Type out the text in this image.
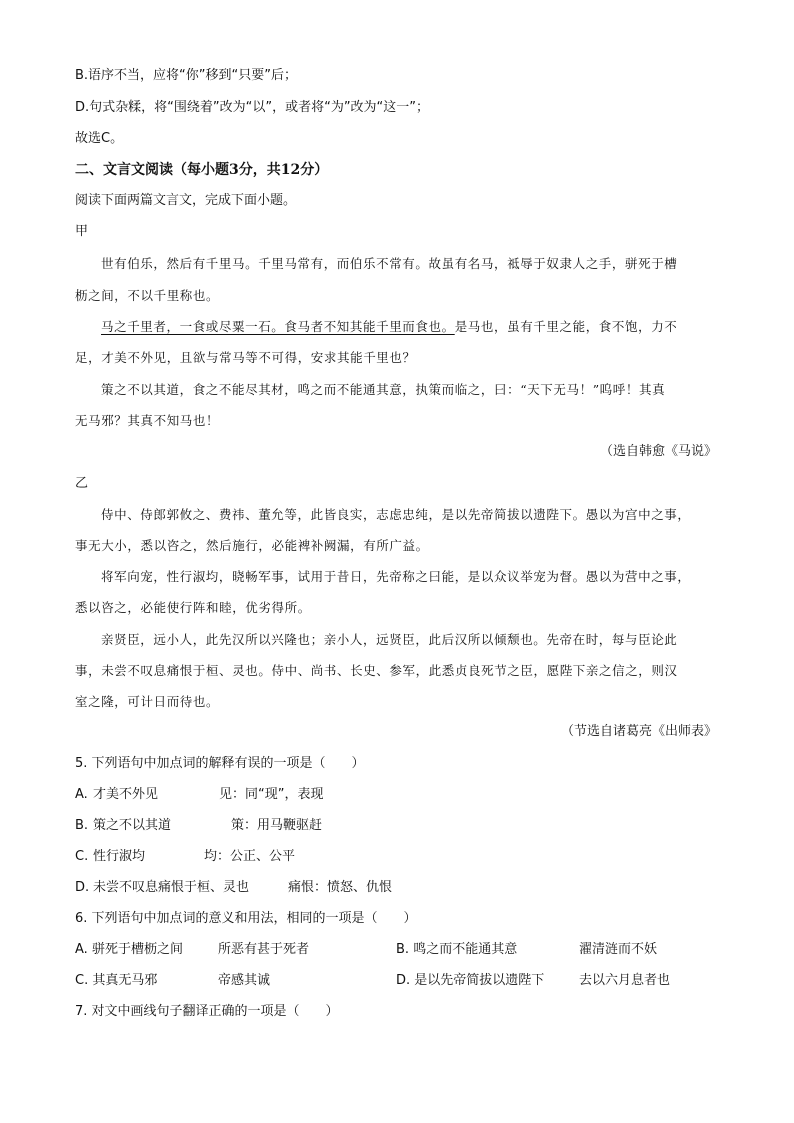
B.语序不当，应将“你”移到“只要”后；
D.句式杂糅，将“围绕着”改为“以”，或者将“为”改为“这一”；
故选C。
二、文言文阅读（每小题3分，共12分）
阅读下面两篇文言文，完成下面小题。
甲
世有伯乐，然后有千里马。千里马常有，而伯乐不常有。故虽有名马，祗辱于奴隶人之手，骈死于槽
枥之间，不以千里称也。
马之千里者，一食或尽粟一石。食马者不知其能千里而食也。是马也，虽有千里之能，食不饱，力不
足，才美不外见，且欲与常马等不可得，安求其能千里也？
策之不以其道，食之不能尽其材，鸣之而不能通其意，执策而临之，曰：“天下无马！”呜呼！其真
无马邪？其真不知马也！
（选自韩愈《马说》
乙
侍中、侍郎郭攸之、费祎、董允等，此皆良实，志虑忠纯，是以先帝简拔以遗陛下。愚以为宫中之事，
事无大小，悉以咨之，然后施行，必能裨补阙漏，有所广益。
将军向宠，性行淑均，晓畅军事，试用于昔日，先帝称之曰能，是以众议举宠为督。愚以为营中之事，
悉以咨之，必能使行阵和睦，优劣得所。
亲贤臣，远小人，此先汉所以兴隆也；亲小人，远贤臣，此后汉所以倾颓也。先帝在时，每与臣论此
事，未尝不叹息痛恨于桓、灵也。侍中、尚书、长史、参军，此悉贞良死节之臣，愿陛下亲之信之，则汉
室之隆，可计日而待也。
（节选自诸葛亮《出师表》
5. 下列语句中加点词的解释有误的一项是（　　）
A. 才美不外见	见：同“现”，表现
B. 策之不以其道	策：用马鞭驱赶
C. 性行淑均	均：公正、公平
D. 未尝不叹息痛恨于桓、灵也	痛恨：愤怒、仇恨
6. 下列语句中加点词的意义和用法，相同的一项是（　　）
A. 骈死于槽枥之间	所恶有甚于死者	B. 鸣之而不能通其意	濯清涟而不妖
C. 其真无马邪	帝感其诚	D. 是以先帝简拔以遗陛下	去以六月息者也
7. 对文中画线句子翻译正确的一项是（　　）
